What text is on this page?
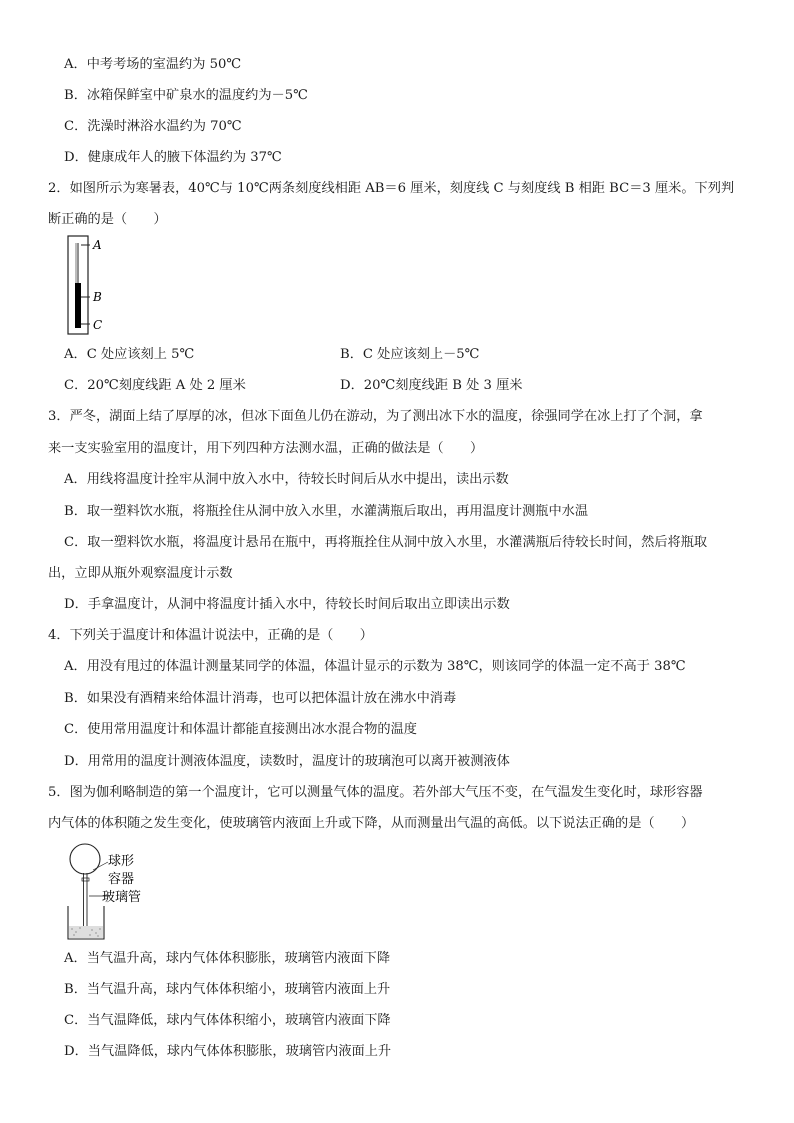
A．中考考场的室温约为 50℃
B．冰箱保鲜室中矿泉水的温度约为－5℃
C．洗澡时淋浴水温约为 70℃
D．健康成年人的腋下体温约为 37℃
2．如图所示为寒暑表，40℃与 10℃两条刻度线相距 AB＝6 厘米，刻度线 C 与刻度线 B 相距 BC＝3 厘米。下列判
断正确的是（　　）
A
B
C
A．C 处应该刻上 5℃	B．C 处应该刻上－5℃
C．20℃刻度线距 A 处 2 厘米	D．20℃刻度线距 B 处 3 厘米
3．严冬，湖面上结了厚厚的冰，但冰下面鱼儿仍在游动，为了测出冰下水的温度，徐强同学在冰上打了个洞，拿
来一支实验室用的温度计，用下列四种方法测水温，正确的做法是（　　）
A．用线将温度计拴牢从洞中放入水中，待较长时间后从水中提出，读出示数
B．取一塑料饮水瓶，将瓶拴住从洞中放入水里，水灌满瓶后取出，再用温度计测瓶中水温
C．取一塑料饮水瓶，将温度计悬吊在瓶中，再将瓶拴住从洞中放入水里，水灌满瓶后待较长时间，然后将瓶取
出，立即从瓶外观察温度计示数
D．手拿温度计，从洞中将温度计插入水中，待较长时间后取出立即读出示数
4．下列关于温度计和体温计说法中，正确的是（　　）
A．用没有甩过的体温计测量某同学的体温，体温计显示的示数为 38℃，则该同学的体温一定不高于 38℃
B．如果没有酒精来给体温计消毒，也可以把体温计放在沸水中消毒
C．使用常用温度计和体温计都能直接测出冰水混合物的温度
D．用常用的温度计测液体温度，读数时，温度计的玻璃泡可以离开被测液体
5．图为伽利略制造的第一个温度计，它可以测量气体的温度。若外部大气压不变，在气温发生变化时，球形容器
内气体的体积随之发生变化，使玻璃管内液面上升或下降，从而测量出气温的高低。以下说法正确的是（　　）
球形
容器
玻璃管
A．当气温升高，球内气体体积膨胀，玻璃管内液面下降
B．当气温升高，球内气体体积缩小，玻璃管内液面上升
C．当气温降低，球内气体体积缩小，玻璃管内液面下降
D．当气温降低，球内气体体积膨胀，玻璃管内液面上升
